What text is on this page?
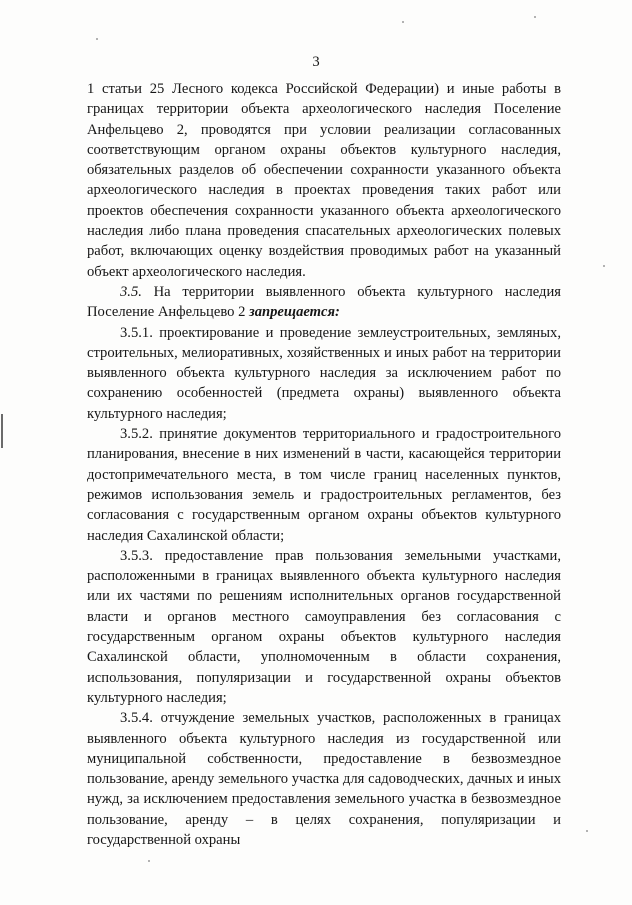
3

1 статьи 25 Лесного кодекса Российской Федерации) и иные работы в границах территории объекта археологического наследия Поселение Анфельцево 2, проводятся при условии реализации согласованных соответствующим органом охраны объектов культурного наследия, обязательных разделов об обеспечении сохранности указанного объекта археологического наследия в проектах проведения таких работ или проектов обеспечения сохранности указанного объекта археологического наследия либо плана проведения спасательных археологических полевых работ, включающих оценку воздействия проводимых работ на указанный объект археологического наследия.

3.5. На территории выявленного объекта культурного наследия Поселение Анфельцево 2 запрещается:

3.5.1. проектирование и проведение землеустроительных, земляных, строительных, мелиоративных, хозяйственных и иных работ на территории выявленного объекта культурного наследия за исключением работ по сохранению особенностей (предмета охраны) выявленного объекта культурного наследия;

3.5.2. принятие документов территориального и градостроительного планирования, внесение в них изменений в части, касающейся территории достопримечательного места, в том числе границ населенных пунктов, режимов использования земель и градостроительных регламентов, без согласования с государственным органом охраны объектов культурного наследия Сахалинской области;

3.5.3. предоставление прав пользования земельными участками, расположенными в границах выявленного объекта культурного наследия или их частями по решениям исполнительных органов государственной власти и органов местного самоуправления без согласования с государственным органом охраны объектов культурного наследия Сахалинской области, уполномоченным в области сохранения, использования, популяризации и государственной охраны объектов культурного наследия;

3.5.4. отчуждение земельных участков, расположенных в границах выявленного объекта культурного наследия из государственной или муниципальной собственности, предоставление в безвозмездное пользование, аренду земельного участка для садоводческих, дачных и иных нужд, за исключением предоставления земельного участка в безвозмездное пользование, аренду – в целях сохранения, популяризации и государственной охраны
